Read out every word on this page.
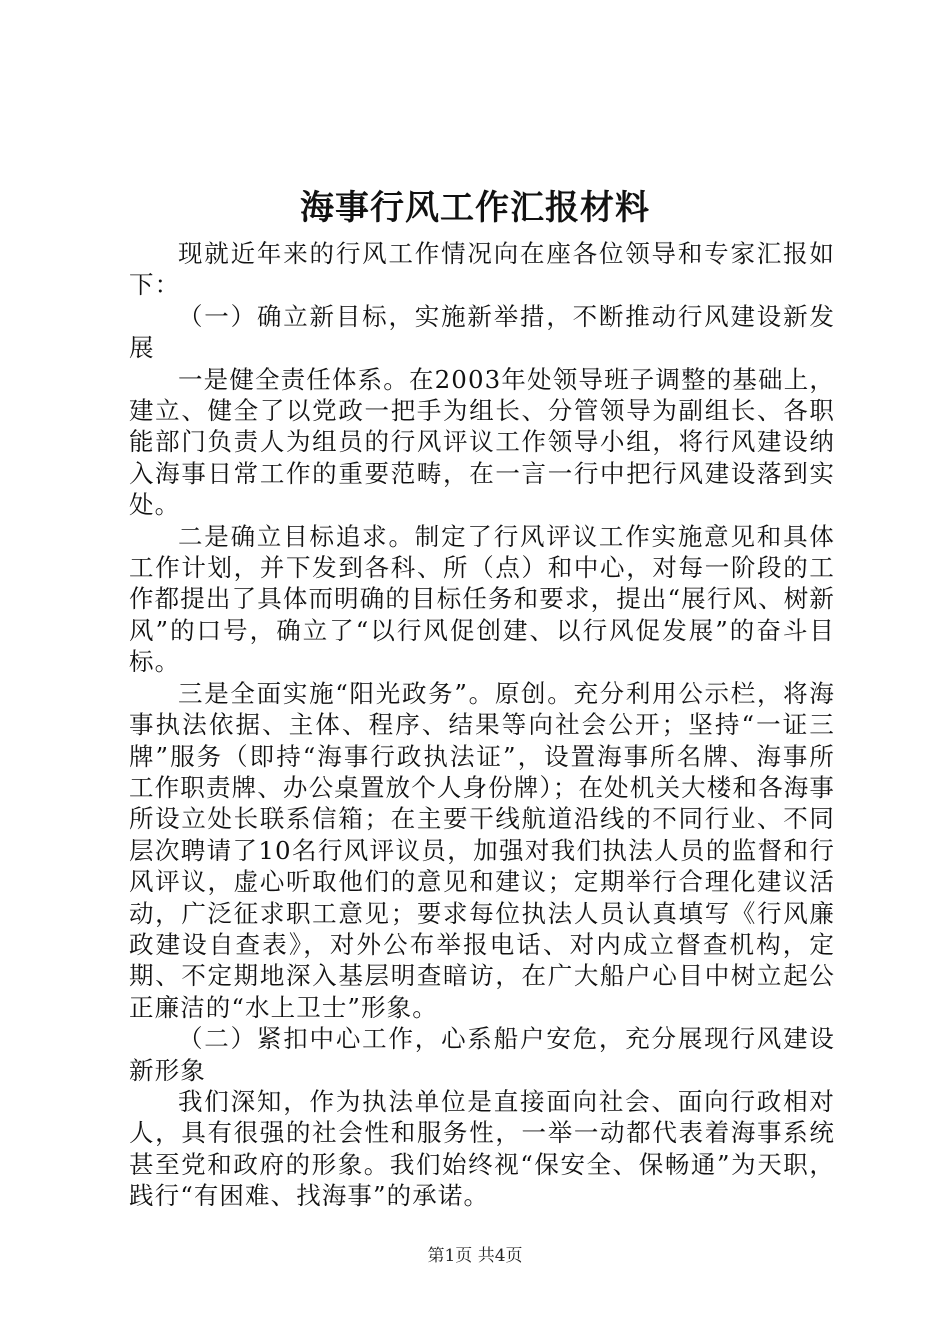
海事行风工作汇报材料

现就近年来的行风工作情况向在座各位领导和专家汇报如下：

（一）确立新目标，实施新举措，不断推动行风建设新发展

一是健全责任体系。在2003年处领导班子调整的基础上，建立、健全了以党政一把手为组长、分管领导为副组长、各职能部门负责人为组员的行风评议工作领导小组，将行风建设纳入海事日常工作的重要范畴，在一言一行中把行风建设落到实处。

二是确立目标追求。制定了行风评议工作实施意见和具体工作计划，并下发到各科、所（点）和中心，对每一阶段的工作都提出了具体而明确的目标任务和要求，提出“展行风、树新风”的口号，确立了“以行风促创建、以行风促发展”的奋斗目标。

三是全面实施“阳光政务”。原创。充分利用公示栏，将海事执法依据、主体、程序、结果等向社会公开；坚持“一证三牌”服务（即持“海事行政执法证”，设置海事所名牌、海事所工作职责牌、办公桌置放个人身份牌）；在处机关大楼和各海事所设立处长联系信箱；在主要干线航道沿线的不同行业、不同层次聘请了10名行风评议员，加强对我们执法人员的监督和行风评议，虚心听取他们的意见和建议；定期举行合理化建议活动，广泛征求职工意见；要求每位执法人员认真填写《行风廉政建设自查表》，对外公布举报电话、对内成立督查机构，定期、不定期地深入基层明查暗访，在广大船户心目中树立起公正廉洁的“水上卫士”形象。

（二）紧扣中心工作，心系船户安危，充分展现行风建设新形象

我们深知，作为执法单位是直接面向社会、面向行政相对人，具有很强的社会性和服务性，一举一动都代表着海事系统甚至党和政府的形象。我们始终视“保安全、保畅通”为天职，践行“有困难、找海事”的承诺。

第1页 共4页
